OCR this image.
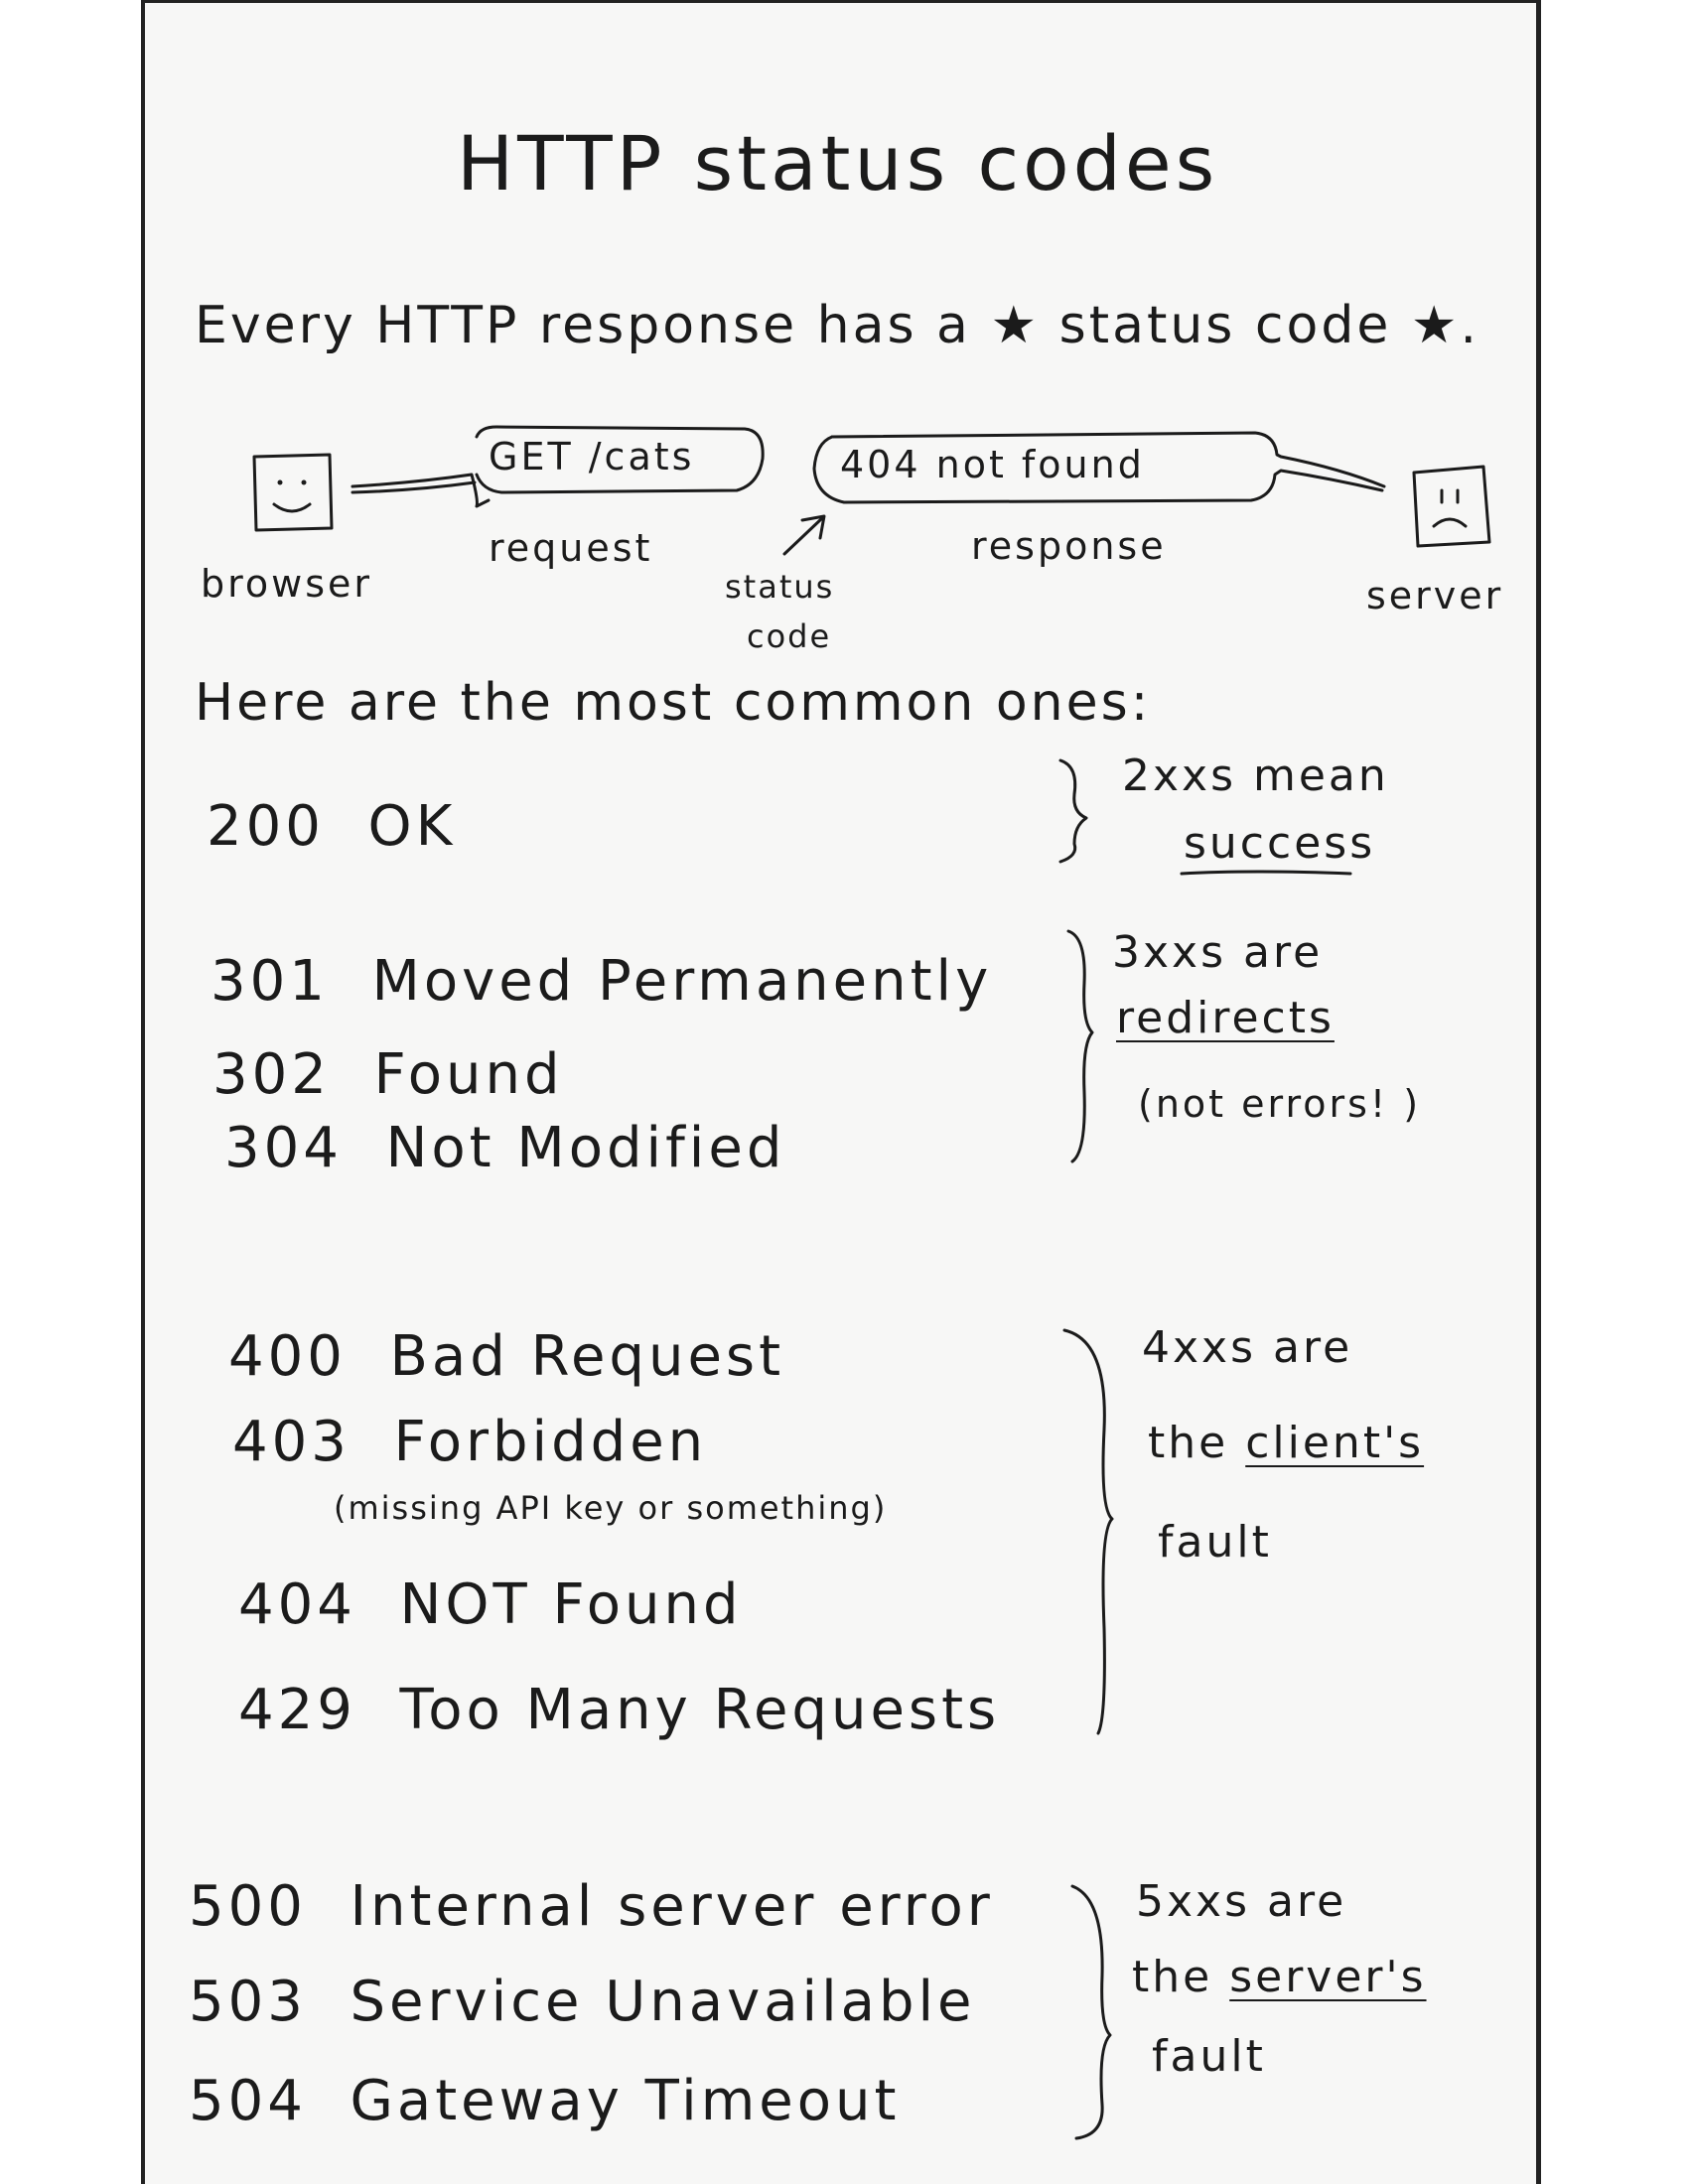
HTTP status codes
Every HTTP response has a ★ status code ★.
GET /cats	404 not found
browser
request
status
code
response
server
Here are the most common ones:
200 OK
2xxs mean
success
301 Moved Permanently
302 Found
304 Not Modified
3xxs are
redirects
(not errors! )
400 Bad Request
403 Forbidden
(missing API key or something)
404 NOT Found
429 Too Many Requests
4xxs are
the client's
fault
500 Internal server error
503 Service Unavailable
504 Gateway Timeout
5xxs are
the server's
fault
